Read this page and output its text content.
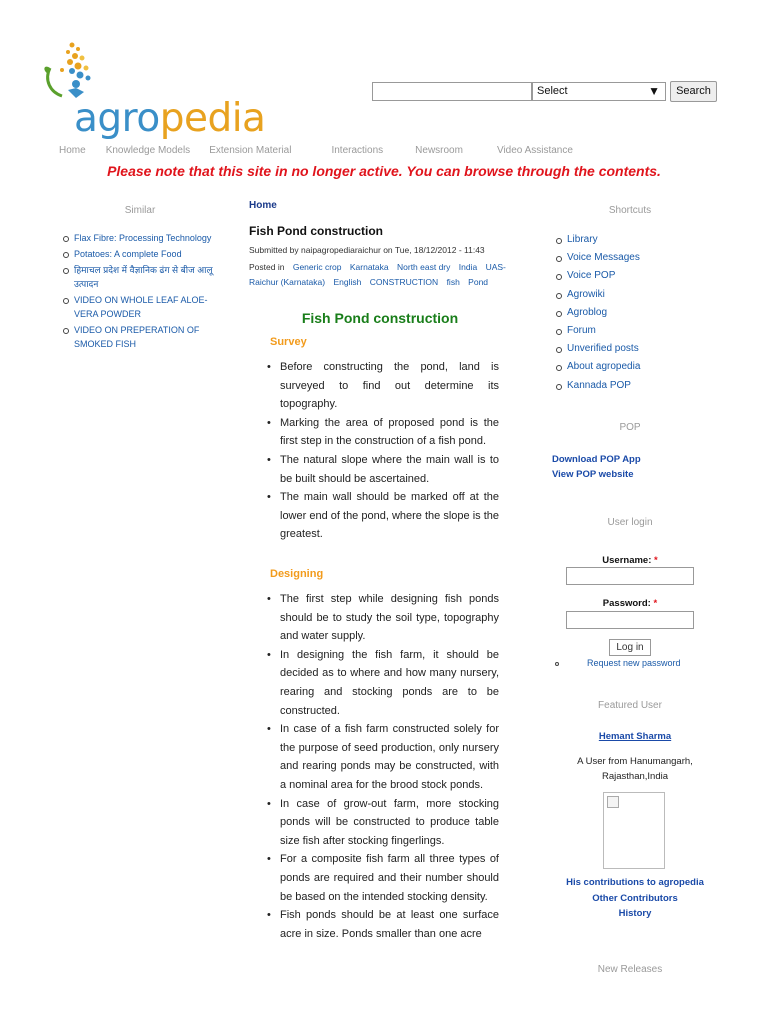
agropedia
Select	▼	Search
Home Knowledge Models Extension Material	Interactions	Newsroom	Video Assistance
Please note that this site in no longer active. You can browse through the contents.
Similar
Flax Fibre: Processing Technology
Potatoes: A complete Food
हिमाचल प्रदेश में वैज्ञानिक ढंग से बीज आलू उत्पादन
VIDEO ON WHOLE LEAF ALOE-VERA POWDER
VIDEO ON PREPERATION OF SMOKED FISH
Home
Fish Pond construction
Submitted by naipagropediaraichur on Tue, 18/12/2012 - 11:43
Posted in Generic crop Karnataka North east dry India UAS-Raichur (Karnataka) English CONSTRUCTION fish Pond
Fish Pond construction
Survey
• Before constructing the pond, land is surveyed to find out determine its topography.
• Marking the area of proposed pond is the first step in the construction of a fish pond.
• The natural slope where the main wall is to be built should be ascertained.
• The main wall should be marked off at the lower end of the pond, where the slope is the greatest.
Designing
• The first step while designing fish ponds should be to study the soil type, topography and water supply.
• In designing the fish farm, it should be decided as to where and how many nursery, rearing and stocking ponds are to be constructed.
• In case of a fish farm constructed solely for the purpose of seed production, only nursery and rearing ponds may be constructed, with a nominal area for the brood stock ponds.
• In case of grow-out farm, more stocking ponds will be constructed to produce table size fish after stocking fingerlings.
• For a composite fish farm all three types of ponds are required and their number should be based on the intended stocking density.
• Fish ponds should be at least one surface acre in size. Ponds smaller than one acre
Shortcuts
Library
Voice Messages
Voice POP
Agrowiki
Agroblog
Forum
Unverified posts
About agropedia
Kannada POP
POP
Download POP App
View POP website
User login
Username: *
Password: *
Log in
Request new password
Featured User
Hemant Sharma
A User from Hanumangarh,
Rajasthan,India
His contributions to agropedia
Other Contributors
History
New Releases
